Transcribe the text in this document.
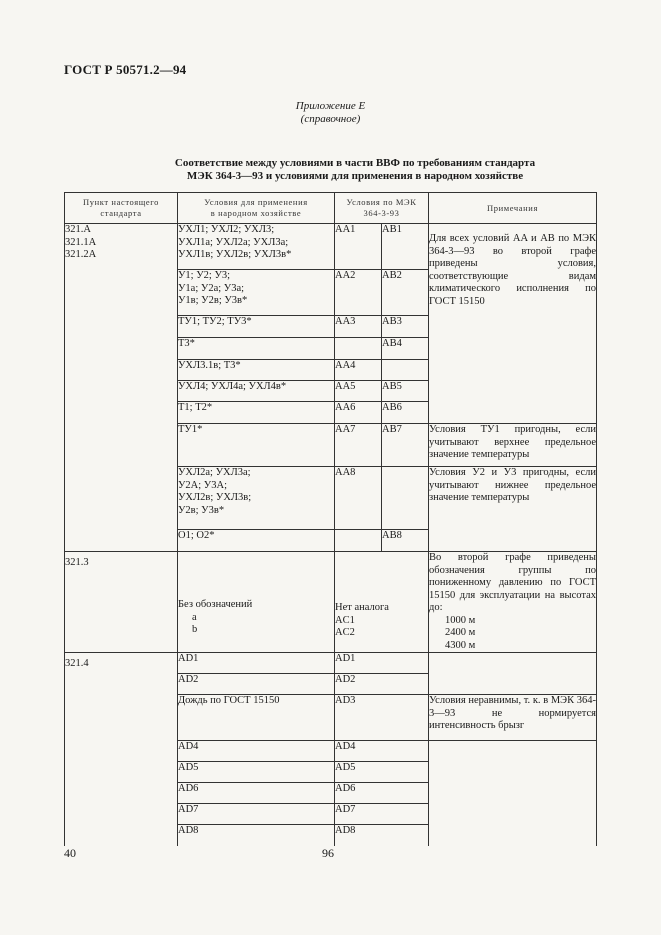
ГОСТ Р 50571.2—94
Приложение Е
(справочное)
Соответствие между условиями в части ВВФ по требованиям стандарта
МЭК 364-3—93 и условиями для применения в народном хозяйстве
Пункт настоящего
стандарта	Условия для применения
в народном хозяйстве	Условия по МЭК
364-3-93		Примечания

321.A
321.1A
321.2A	УХЛ1; УХЛ2; УХЛ3;
УХЛ1а; УХЛ2а; УХЛ3а;
УХЛ1в; УХЛ2в; УХЛ3в*	AA1	AB1	Для всех условий AA и AB по МЭК 364-3—93 во второй графе приведены условия, соответствующие видам климатического исполнения по ГОСТ 15150

	У1; У2; У3;
У1а; У2а; У3а;
У1в; У2в; У3в*	AA2	AB2	
	ТУ1; ТУ2; ТУ3*	AA3	AB3	
	Т3*		AB4	
	УХЛ3.1в; Т3*	AA4		
	УХЛ4; УХЛ4а; УХЛ4в*	AA5	AB5	
	Т1; Т2*	AA6	AB6	
	ТУ1*	AA7	AB7	Условия ТУ1 пригодны, если учитывают верхнее предельное значение температуры

	УХЛ2а; УХЛ3а;
У2А; У3А;
УХЛ2в; УХЛ3в;
У2в; У3в*	AA8		Условия У2 и У3 пригодны, если учитывают нижнее предельное значение температуры
	О1; О2*		AB8	
321.3	Без обозначений
a
b	Нет аналога
AC1
AC2		Во второй графе приведены обозначения группы по пониженному давлению по ГОСТ 15150 для эксплуатации на высотах до:
1000 м
2400 м
4300 м

321.4	AD1	AD1		
	AD2	AD2		
	Дождь по ГОСТ 15150	AD3		Условия неравнимы, т. к. в МЭК 364-3—93 не нормируется интенсивность брызг
	AD4	AD4		
	AD5	AD5		
	AD6	AD6		
	AD7	AD7		
	AD8	AD8		
40	96
